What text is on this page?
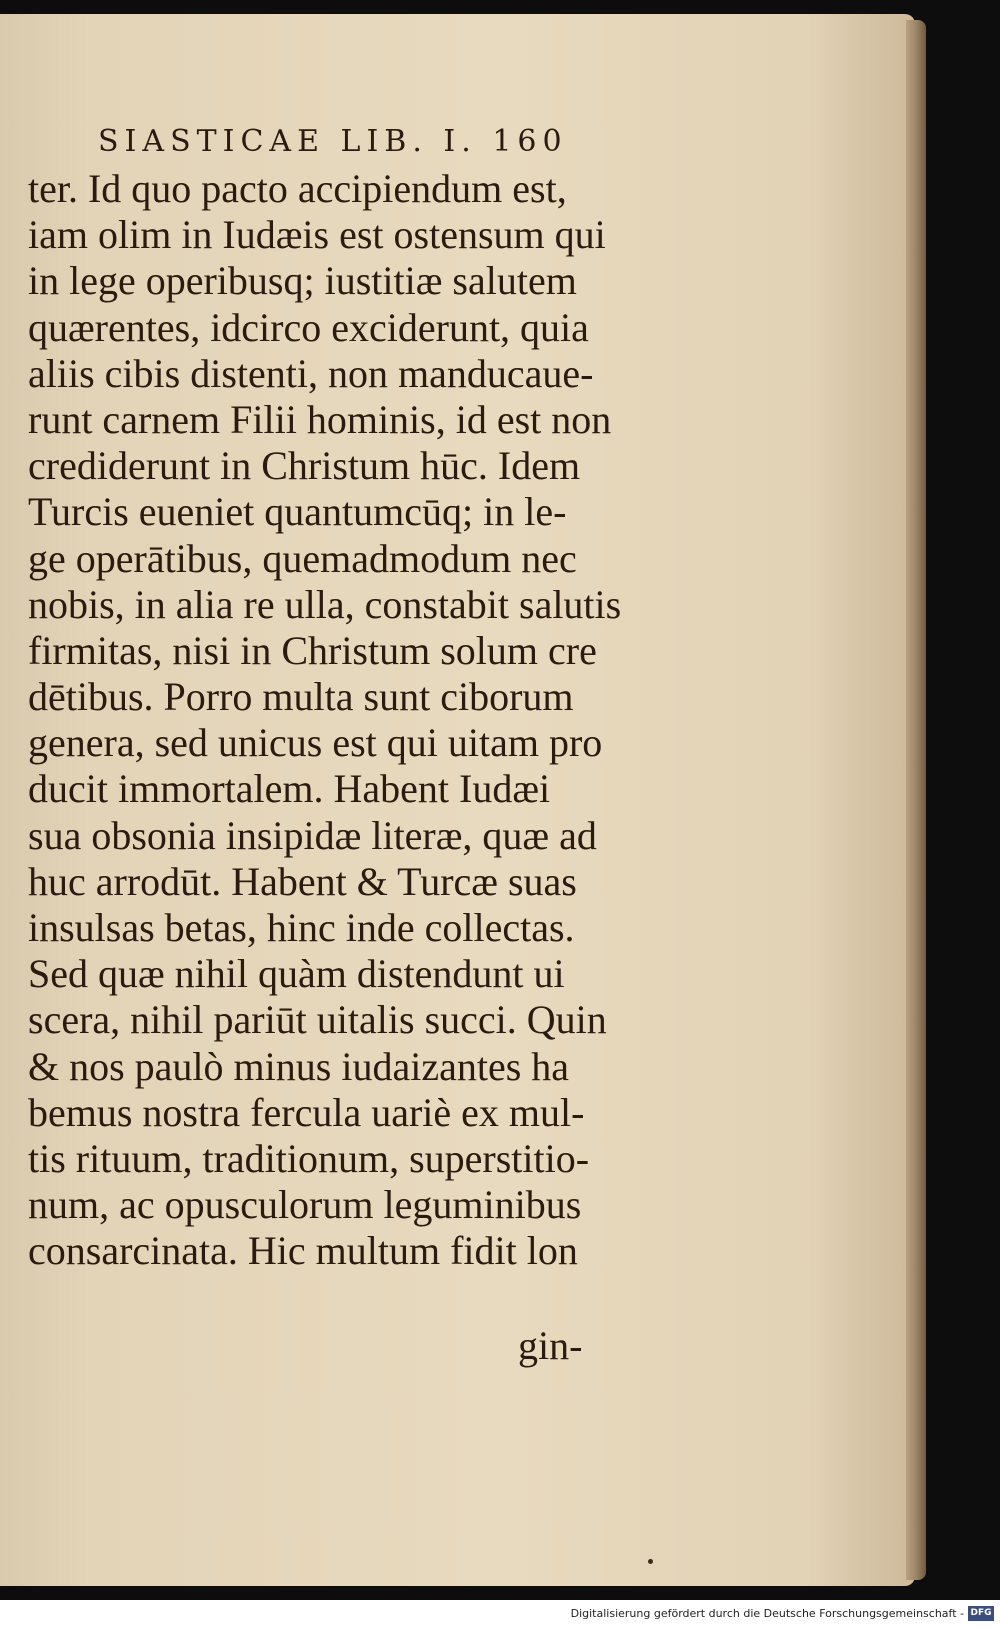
SIASTICAE LIB. I. 160
ter. Id quo pacto accipiendum est,
iam olim in Iudæis est ostensum qui
in lege operibusq; iustitiæ salutem
quærentes, idcirco exciderunt, quia
aliis cibis distenti, non manducaue-
runt carnem Filii hominis, id est non
crediderunt in Christum hūc. Idem
Turcis eueniet quantumcūq; in le-
ge operātibus, quemadmodum nec
nobis, in alia re ulla, constabit salutis
firmitas, nisi in Christum solum cre
dētibus. Porro multa sunt ciborum
genera, sed unicus est qui uitam pro
ducit immortalem. Habent Iudæi
sua obsonia insipidæ literæ, quæ ad
huc arrodūt. Habent & Turcæ suas
insulsas betas, hinc inde collectas.
Sed quæ nihil quàm distendunt ui
scera, nihil pariūt uitalis succi. Quin
& nos paulò minus iudaizantes ha
bemus nostra fercula uariè ex mul-
tis rituum, traditionum, superstitio-
num, ac opusculorum leguminibus
consarcinata. Hic multum fidit lon
gin-
Digitalisierung gefördert durch die Deutsche Forschungsgemeinschaft - DFG
